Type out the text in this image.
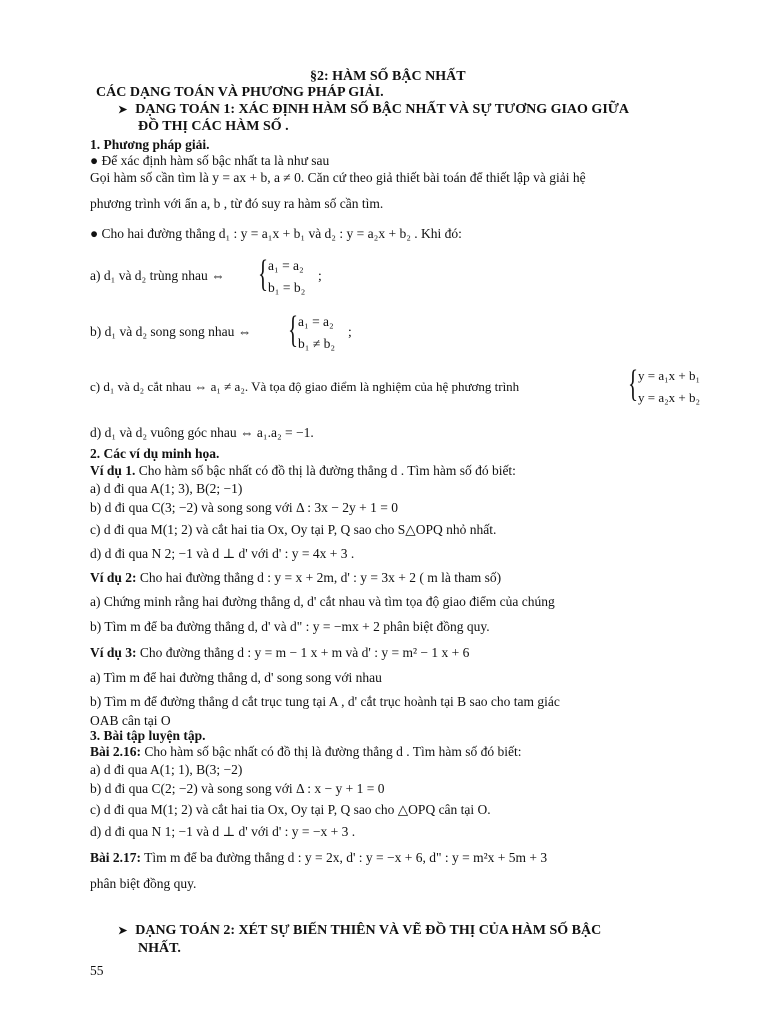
§2: HÀM SỐ BẬC NHẤT
CÁC DẠNG TOÁN VÀ PHƯƠNG PHÁP GIẢI.
➤ DẠNG TOÁN 1: XÁC ĐỊNH HÀM SỐ BẬC NHẤT VÀ SỰ TƯƠNG GIAO GIỮA
ĐỒ THỊ CÁC HÀM SỐ .
1. Phương pháp giải.
● Để xác định hàm số bậc nhất ta là như sau
Gọi hàm số cần tìm là y = ax + b, a ≠ 0. Căn cứ theo giả thiết bài toán để thiết lập và giải hệ
phương trình với ẩn a, b , từ đó suy ra hàm số cần tìm.
● Cho hai đường thẳng d₁ : y = a₁x + b₁ và d₂ : y = a₂x + b₂ . Khi đó:
a) d₁ và d₂ trùng nhau ⇔ { a₁ = a₂
b₁ = b₂
;
b) d₁ và d₂ song song nhau ⇔ { a₁ = a₂
b₁ ≠ b₂
;
c) d₁ và d₂ cắt nhau ⇔ a₁ ≠ a₂. Và tọa độ giao điểm là nghiệm của hệ phương trình	{ y = a₁x + b₁
y = a₂x + b₂
d) d₁ và d₂ vuông góc nhau ⇔ a₁.a₂ = −1.
2. Các ví dụ minh họa.
Ví dụ 1. Cho hàm số bậc nhất có đồ thị là đường thẳng d . Tìm hàm số đó biết:
a) d đi qua A(1; 3), B(2; −1)
b) d đi qua C(3; −2) và song song với Δ : 3x − 2y + 1 = 0
c) d đi qua M(1; 2) và cắt hai tia Ox, Oy tại P, Q sao cho S△OPQ nhỏ nhất.
d) d đi qua N 2; −1 và d ⊥ d' với d' : y = 4x + 3 .
Ví dụ 2: Cho hai đường thẳng d : y = x + 2m, d' : y = 3x + 2 ( m là tham số)
a) Chứng minh rằng hai đường thẳng d, d' cắt nhau và tìm tọa độ giao điểm của chúng
b) Tìm m để ba đường thẳng d, d' và d" : y = −mx + 2 phân biệt đồng quy.
Ví dụ 3: Cho đường thẳng d : y = m − 1 x + m và d' : y = m² − 1 x + 6
a) Tìm m để hai đường thẳng d, d' song song với nhau
b) Tìm m để đường thẳng d cắt trục tung tại A , d' cắt trục hoành tại B sao cho tam giác
OAB cân tại O
3. Bài tập luyện tập.
Bài 2.16: Cho hàm số bậc nhất có đồ thị là đường thẳng d . Tìm hàm số đó biết:
a) d đi qua A(1; 1), B(3; −2)
b) d đi qua C(2; −2) và song song với Δ : x − y + 1 = 0
c) d đi qua M(1; 2) và cắt hai tia Ox, Oy tại P, Q sao cho △OPQ cân tại O.
d) d đi qua N 1; −1 và d ⊥ d' với d' : y = −x + 3 .
Bài 2.17: Tìm m để ba đường thẳng d : y = 2x, d' : y = −x + 6, d" : y = m²x + 5m + 3
phân biệt đồng quy.
➤ DẠNG TOÁN 2: XÉT SỰ BIẾN THIÊN VÀ VẼ ĐỒ THỊ CỦA HÀM SỐ BẬC
NHẤT.
55
